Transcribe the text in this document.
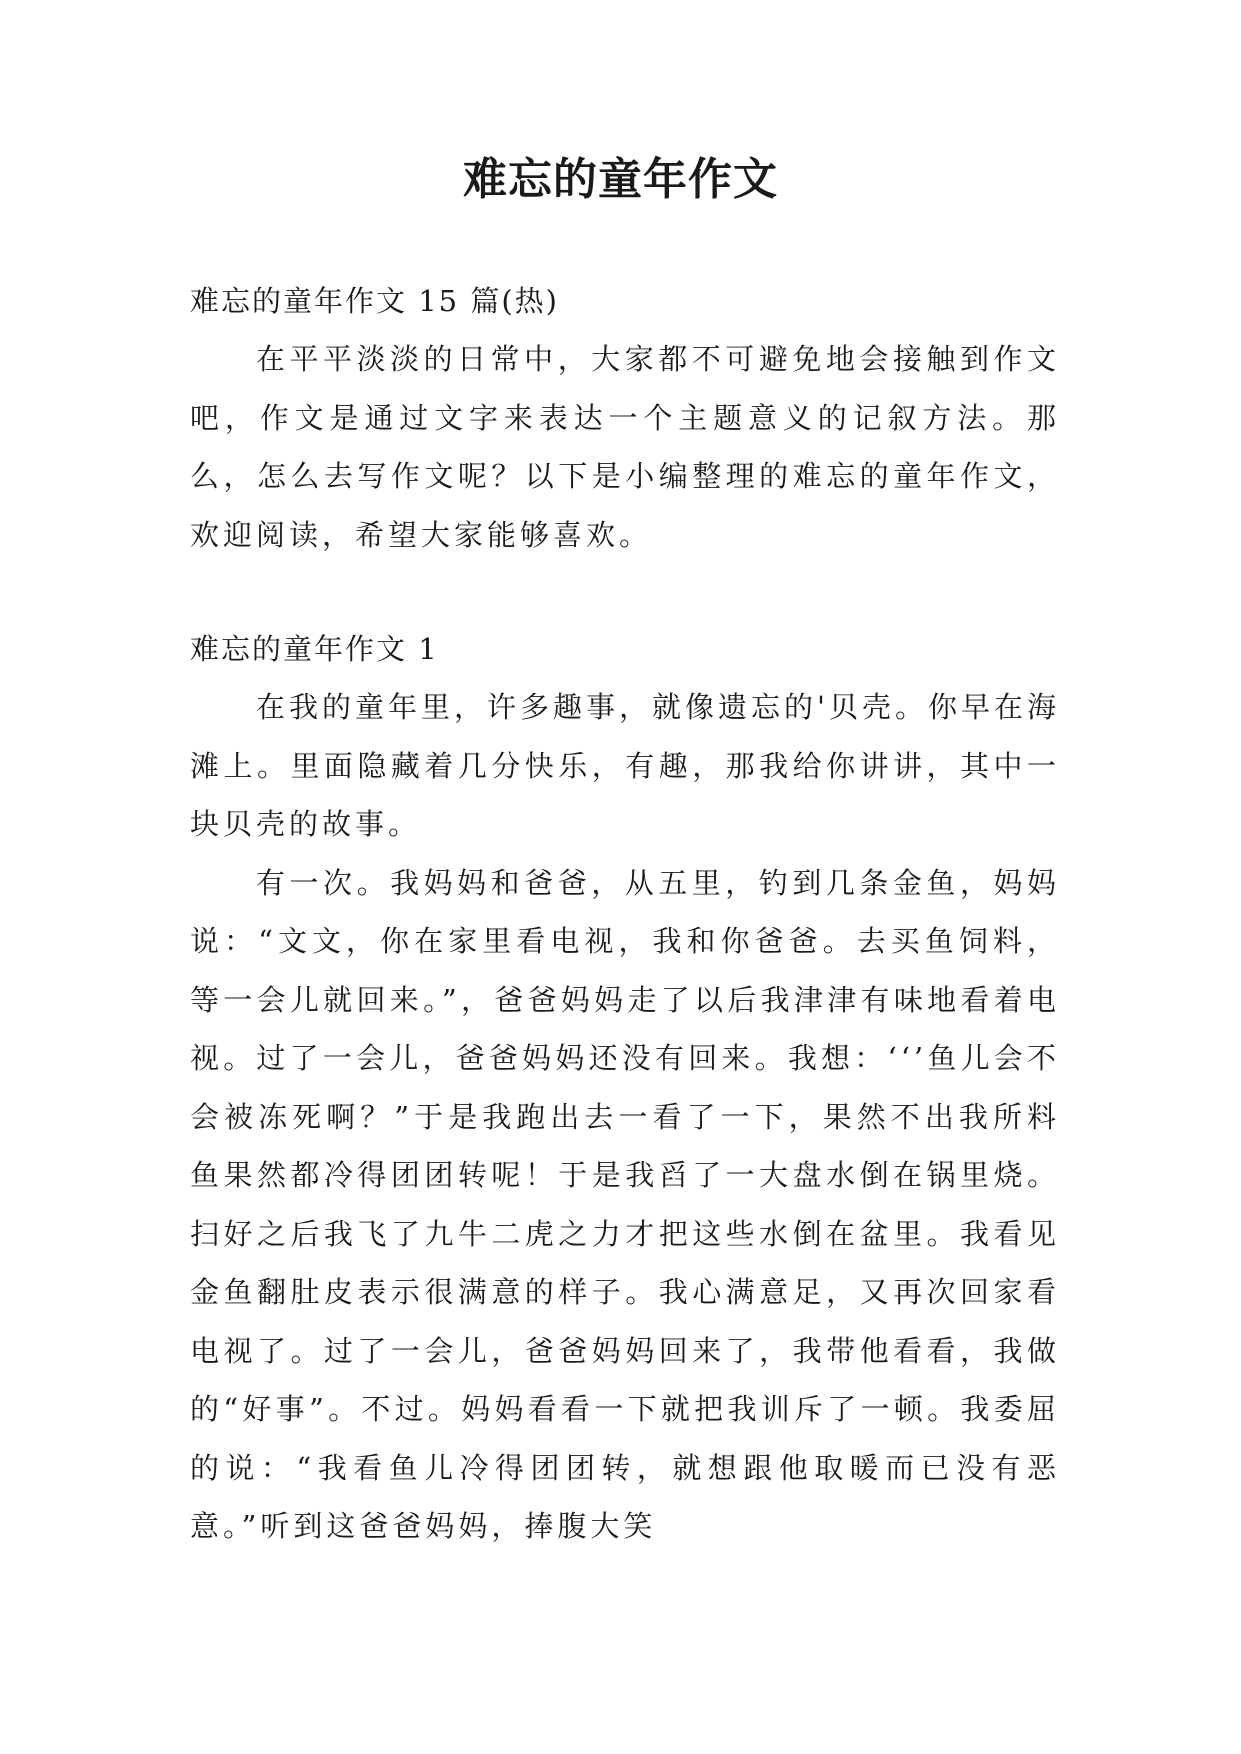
难忘的童年作文

难忘的童年作文 15 篇(热)

在平平淡淡的日常中，大家都不可避免地会接触到作文吧，作文是通过文字来表达一个主题意义的记叙方法。那么，怎么去写作文呢？以下是小编整理的难忘的童年作文，欢迎阅读，希望大家能够喜欢。

难忘的童年作文 1

在我的童年里，许多趣事，就像遗忘的'贝壳。你早在海滩上。里面隐藏着几分快乐，有趣，那我给你讲讲，其中一块贝壳的故事。

有一次。我妈妈和爸爸，从五里，钓到几条金鱼，妈妈说：“文文，你在家里看电视，我和你爸爸。去买鱼饲料，等一会儿就回来。”，爸爸妈妈走了以后我津津有味地看着电视。过了一会儿，爸爸妈妈还没有回来。我想：‘‘’鱼儿会不会被冻死啊？”于是我跑出去一看了一下，果然不出我所料鱼果然都冷得团团转呢！于是我舀了一大盘水倒在锅里烧。扫好之后我飞了九牛二虎之力才把这些水倒在盆里。我看见金鱼翻肚皮表示很满意的样子。我心满意足，又再次回家看电视了。过了一会儿，爸爸妈妈回来了，我带他看看，我做的“好事”。不过。妈妈看看一下就把我训斥了一顿。我委屈的说：“我看鱼儿冷得团团转，就想跟他取暖而已没有恶意。”听到这爸爸妈妈，捧腹大笑
